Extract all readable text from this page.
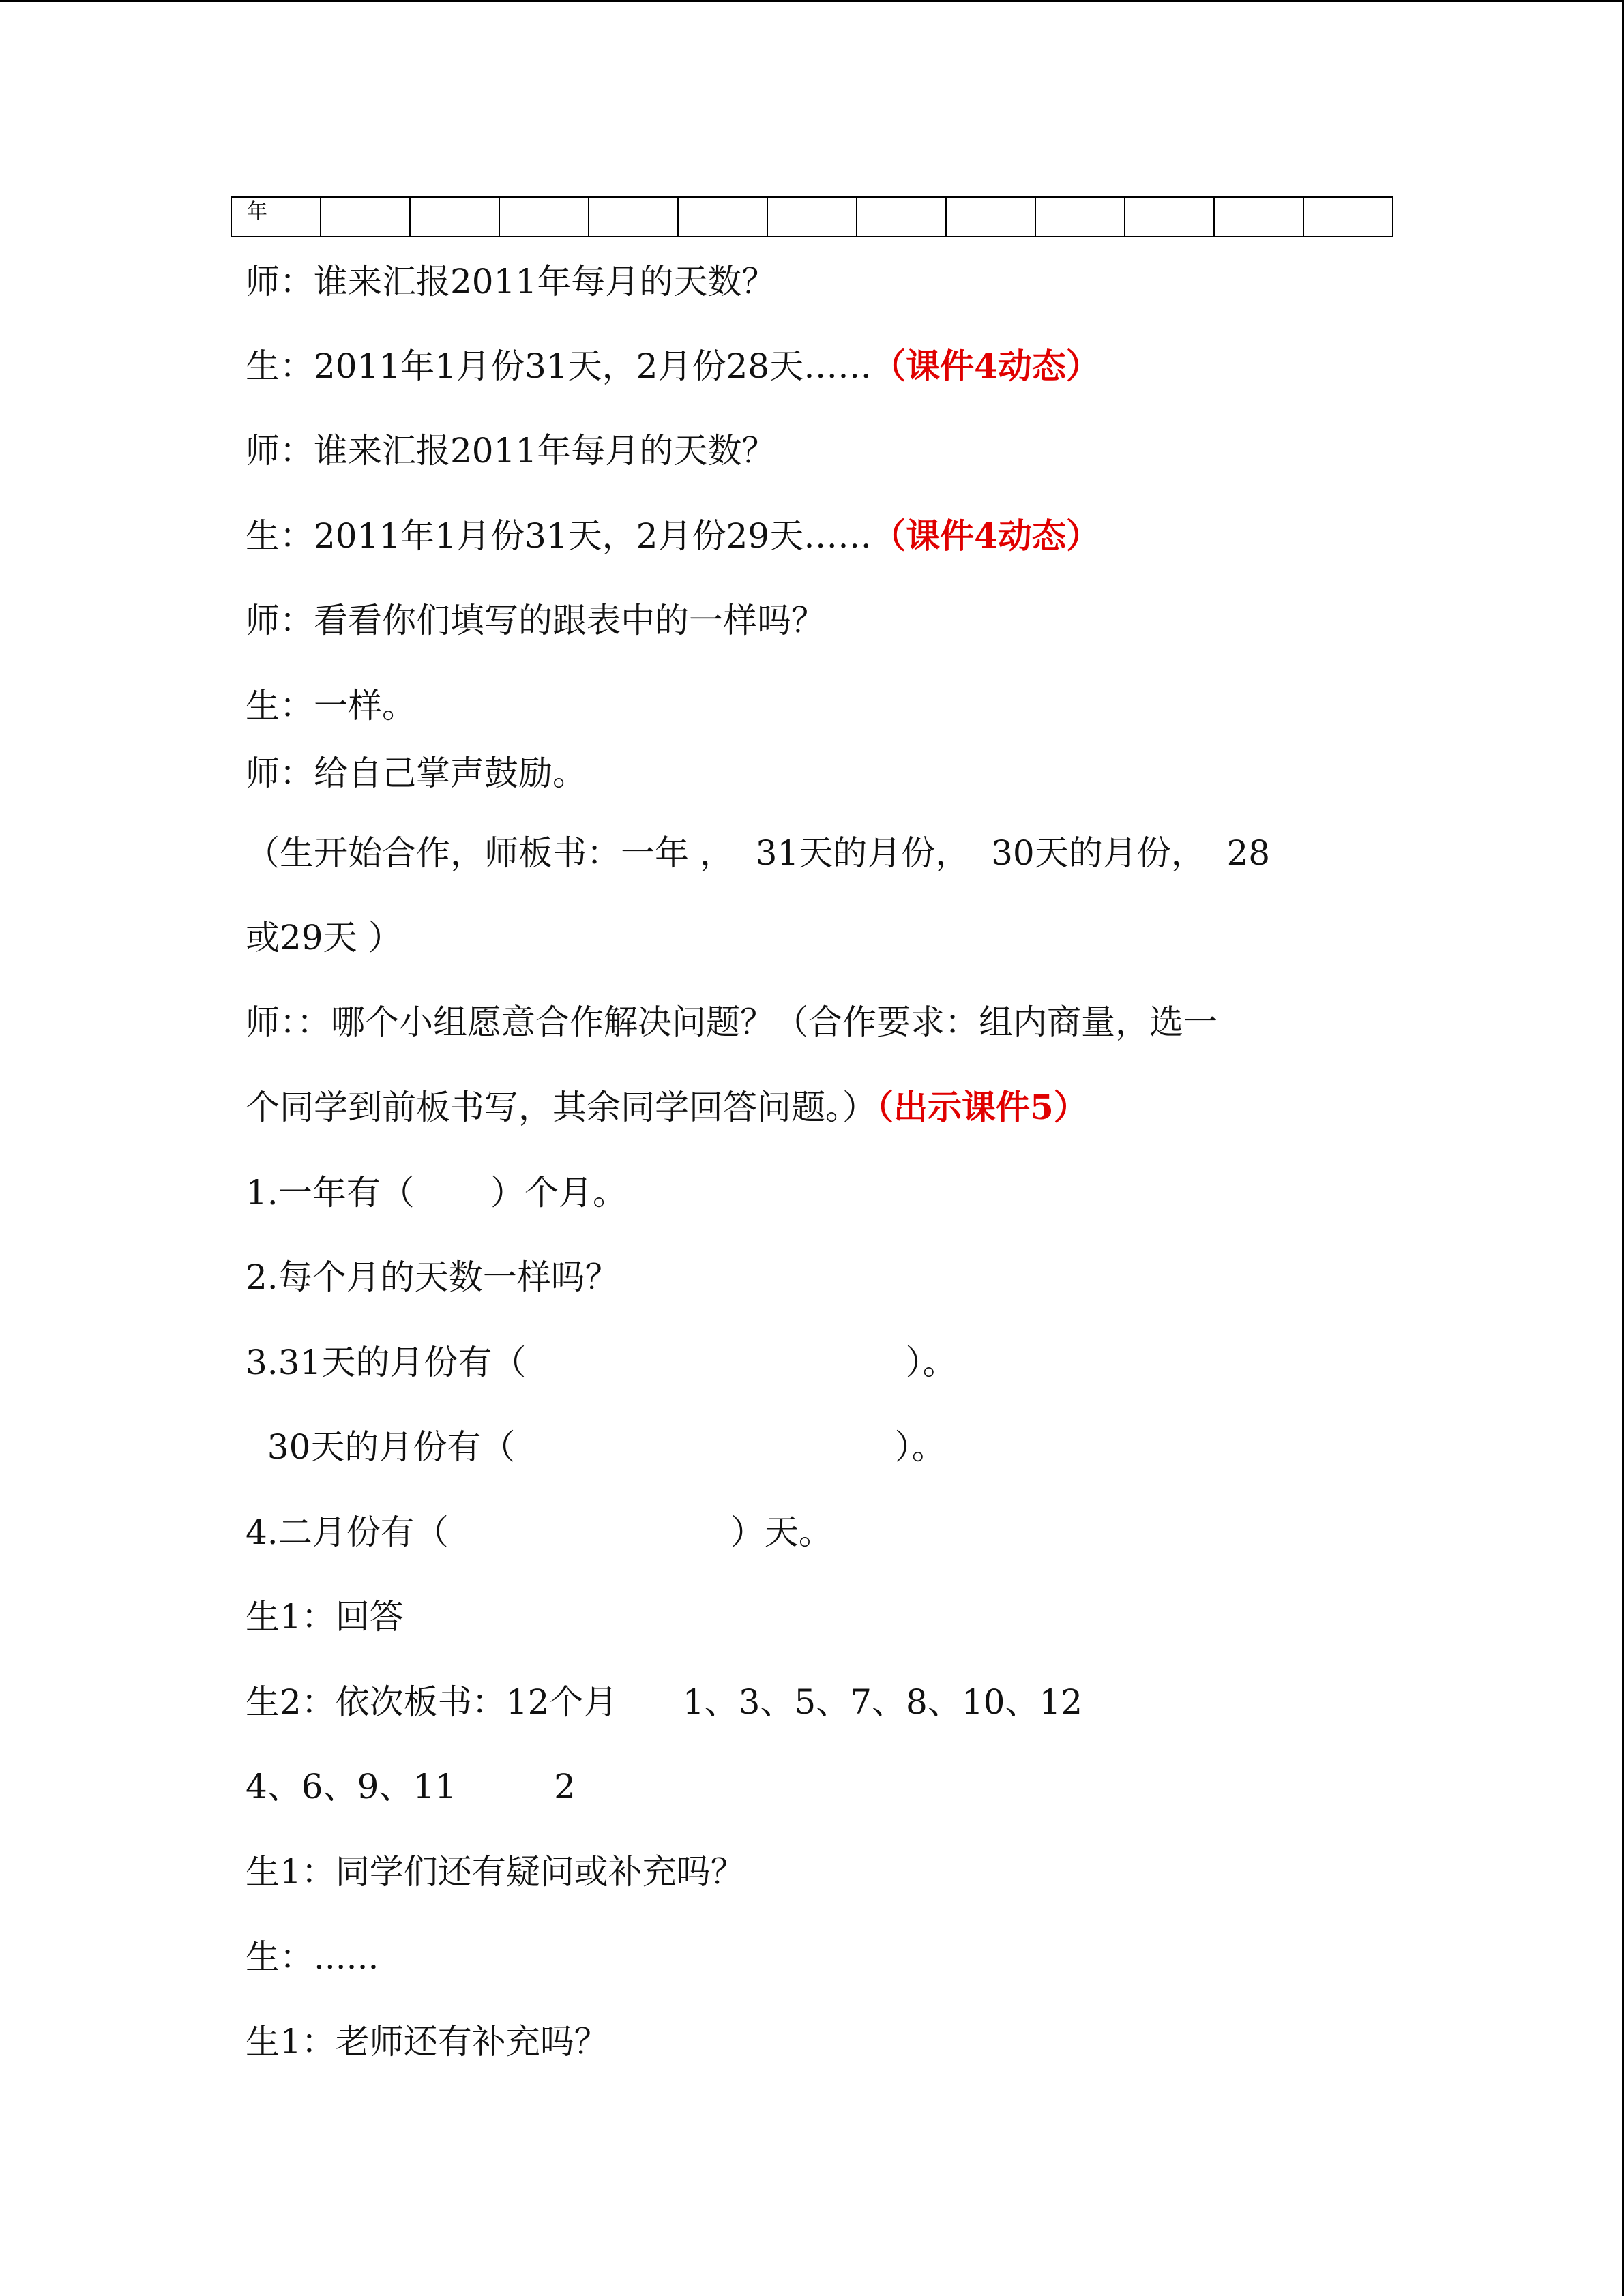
年												

师：谁来汇报2011年每月的天数？

生：2011年1月份31天，2月份28天……（课件4动态）

师：谁来汇报2011年每月的天数？

生：2011年1月份31天，2月份29天……（课件4动态）

师：看看你们填写的跟表中的一样吗？

生：一样。

师：给自己掌声鼓励。

（生开始合作，师板书：一年 ，  31天的月份，  30天的月份，  28

或29天 ）

师：：哪个小组愿意合作解决问题？（合作要求：组内商量，选一

个同学到前板书写，其余同学回答问题。）（出示课件5）

1.一年有（       ）个月。

2.每个月的天数一样吗？

3.31天的月份有（                                   ）。

30天的月份有（                                   ）。

4.二月份有（                          ）天。

生1：回答

生2：依次板书：12个月      1、3、5、7、8、10、12

4、6、9、11         2

生1：同学们还有疑问或补充吗？

生：......

生1：老师还有补充吗？
